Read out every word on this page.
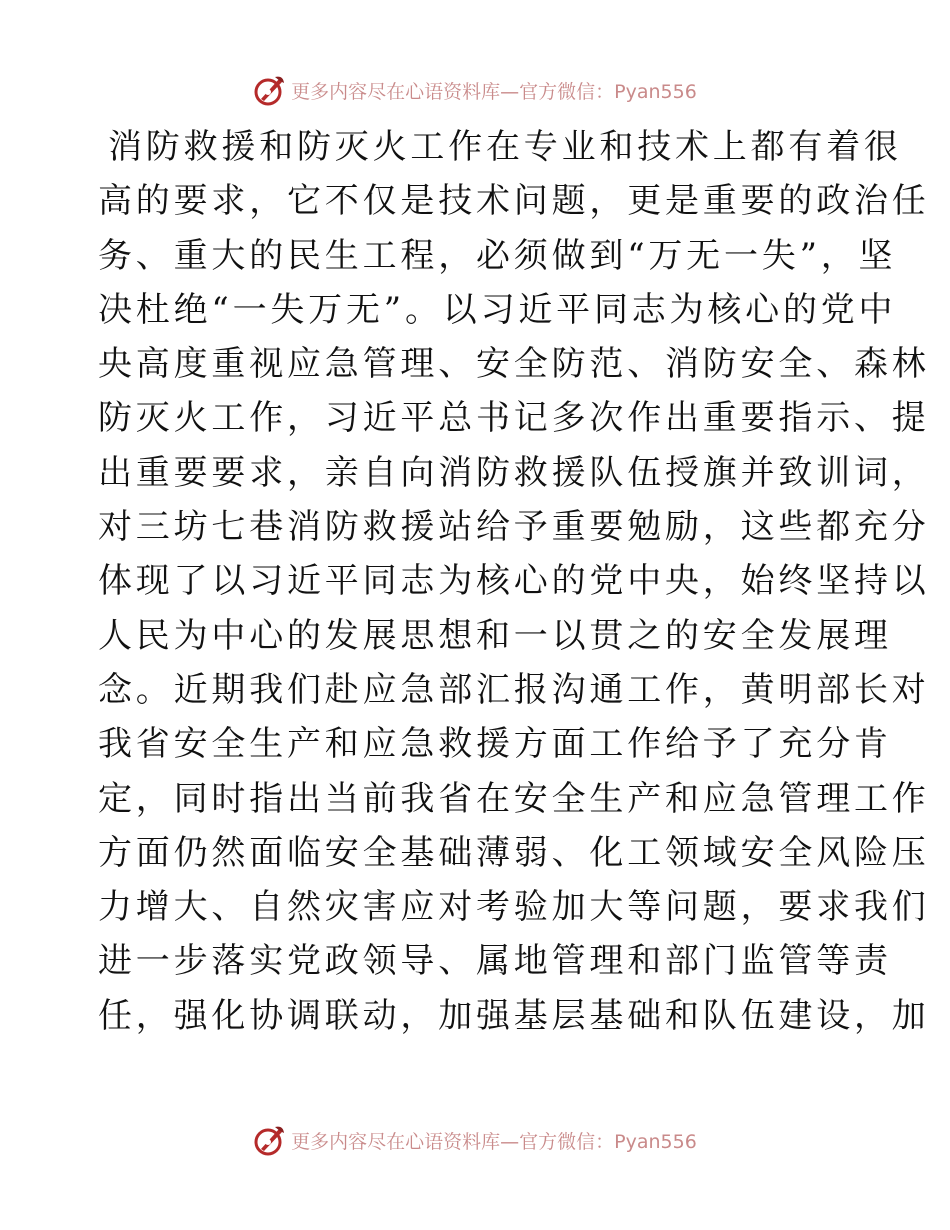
更多内容尽在心语资料库—官方微信：Pyan556
消防救援和防灭火工作在专业和技术上都有着很
高的要求，它不仅是技术问题，更是重要的政治任
务、重大的民生工程，必须做到“万无一失”，坚
决杜绝“一失万无”。以习近平同志为核心的党中
央高度重视应急管理、安全防范、消防安全、森林
防灭火工作，习近平总书记多次作出重要指示、提
出重要要求，亲自向消防救援队伍授旗并致训词，
对三坊七巷消防救援站给予重要勉励，这些都充分
体现了以习近平同志为核心的党中央，始终坚持以
人民为中心的发展思想和一以贯之的安全发展理
念。近期我们赴应急部汇报沟通工作，黄明部长对
我省安全生产和应急救援方面工作给予了充分肯
定，同时指出当前我省在安全生产和应急管理工作
方面仍然面临安全基础薄弱、化工领域安全风险压
力增大、自然灾害应对考验加大等问题，要求我们
进一步落实党政领导、属地管理和部门监管等责
任，强化协调联动，加强基层基础和队伍建设，加
更多内容尽在心语资料库—官方微信：Pyan556
